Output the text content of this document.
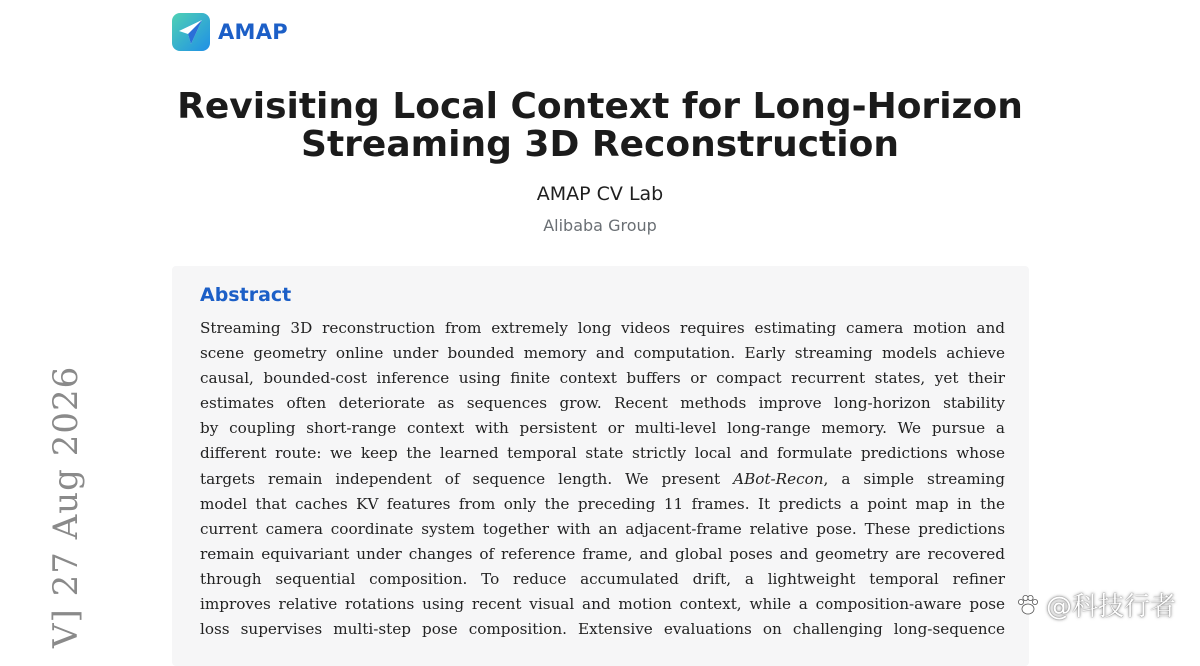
AMAP
Revisiting Local Context for Long-Horizon
Streaming 3D Reconstruction
AMAP CV Lab
Alibaba Group
Abstract
Streaming 3D reconstruction from extremely long videos requires estimating camera motion and
scene geometry online under bounded memory and computation. Early streaming models achieve
causal, bounded-cost inference using finite context buffers or compact recurrent states, yet their
estimates often deteriorate as sequences grow. Recent methods improve long-horizon stability
by coupling short-range context with persistent or multi-level long-range memory. We pursue a
different route: we keep the learned temporal state strictly local and formulate predictions whose
targets remain independent of sequence length. We present ABot-Recon, a simple streaming
model that caches KV features from only the preceding 11 frames. It predicts a point map in the
current camera coordinate system together with an adjacent-frame relative pose. These predictions
remain equivariant under changes of reference frame, and global poses and geometry are recovered
through sequential composition. To reduce accumulated drift, a lightweight temporal refiner
improves relative rotations using recent visual and motion context, while a composition-aware pose
loss supervises multi-step pose composition. Extensive evaluations on challenging long-sequence
V] 27 Aug 2026	@科技行者
